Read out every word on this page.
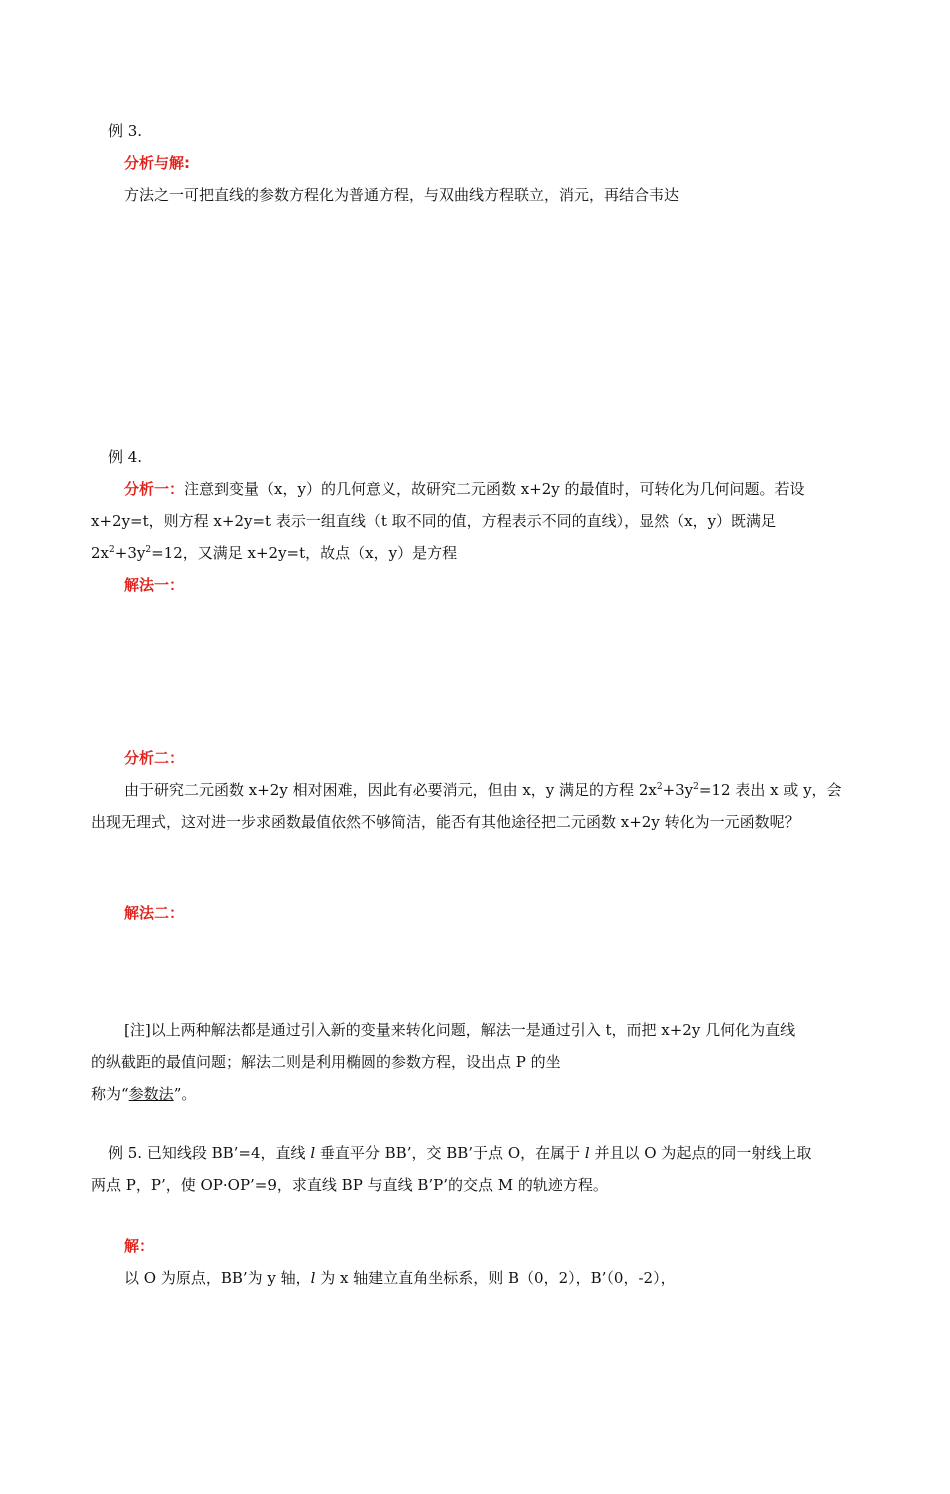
例 3.
分析与解:
方法之一可把直线的参数方程化为普通方程，与双曲线方程联立，消元，再结合韦达
例 4.
分析一：注意到变量（x，y）的几何意义，故研究二元函数 x+2y 的最值时，可转化为几何问题。若设
x+2y=t，则方程 x+2y=t 表示一组直线（t 取不同的值，方程表示不同的直线），显然（x，y）既满足
$2x^2+3y^2=12$，又满足 x+2y=t，故点（x，y）是方程
解法一：
分析二：
由于研究二元函数 x+2y 相对困难，因此有必要消元，但由 x，y 满足的方程 $2x^2+3y^2=12$ 表出 x 或 y，会
出现无理式，这对进一步求函数最值依然不够简洁，能否有其他途径把二元函数 x+2y 转化为一元函数呢？
解法二：
[注]以上两种解法都是通过引入新的变量来转化问题，解法一是通过引入 t，而把 x+2y 几何化为直线
的纵截距的最值问题；解法二则是利用椭圆的参数方程，设出点 P 的坐
称为“参数法”。
例 5. 已知线段 BB’=4，直线 l 垂直平分 BB’，交 BB’于点 O，在属于 l 并且以 O 为起点的同一射线上取
两点 P，P’，使 OP·OP’=9，求直线 BP 与直线 B’P’的交点 M 的轨迹方程。
解：
以 O 为原点，BB’为 y 轴，l 为 x 轴建立直角坐标系，则 B（0，2），B’（0，-2），
